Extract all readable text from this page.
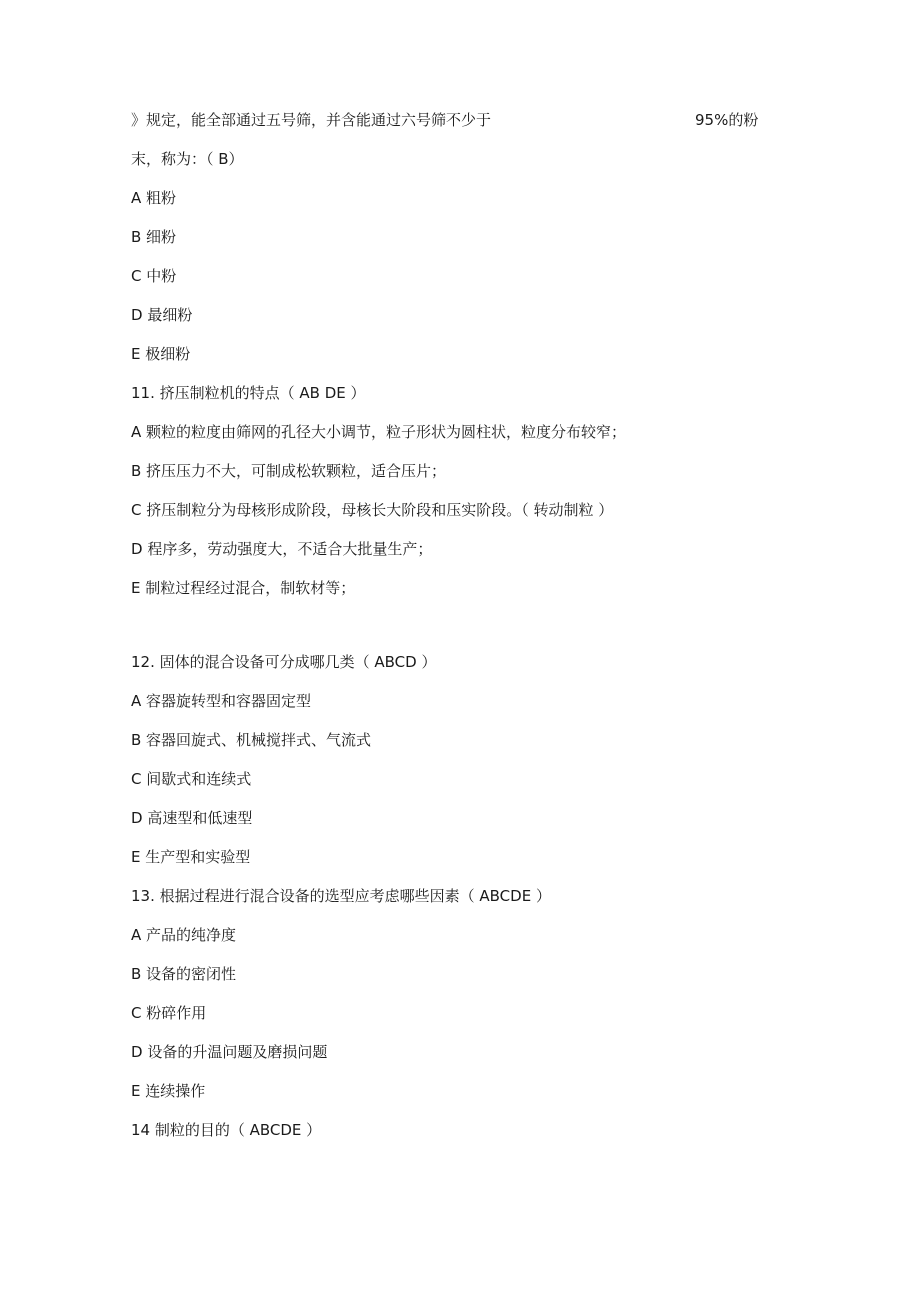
》规定，能全部通过五号筛，并含能通过六号筛不少于	95%的粉
末，称为：（ B）
A 粗粉
B 细粉
C 中粉
D 最细粉
E 极细粉
11. 挤压制粒机的特点（ AB DE ）
A 颗粒的粒度由筛网的孔径大小调节，粒子形状为圆柱状，粒度分布较窄；
B 挤压压力不大，可制成松软颗粒，适合压片；
C 挤压制粒分为母核形成阶段，母核长大阶段和压实阶段。（ 转动制粒 ）
D 程序多，劳动强度大，不适合大批量生产；
E 制粒过程经过混合，制软材等；
12. 固体的混合设备可分成哪几类（ ABCD ）
A 容器旋转型和容器固定型
B 容器回旋式、机械搅拌式、气流式
C 间歇式和连续式
D 高速型和低速型
E 生产型和实验型
13. 根据过程进行混合设备的选型应考虑哪些因素（ ABCDE ）
A 产品的纯净度
B 设备的密闭性
C 粉碎作用
D 设备的升温问题及磨损问题
E 连续操作
14 制粒的目的（ ABCDE ）
